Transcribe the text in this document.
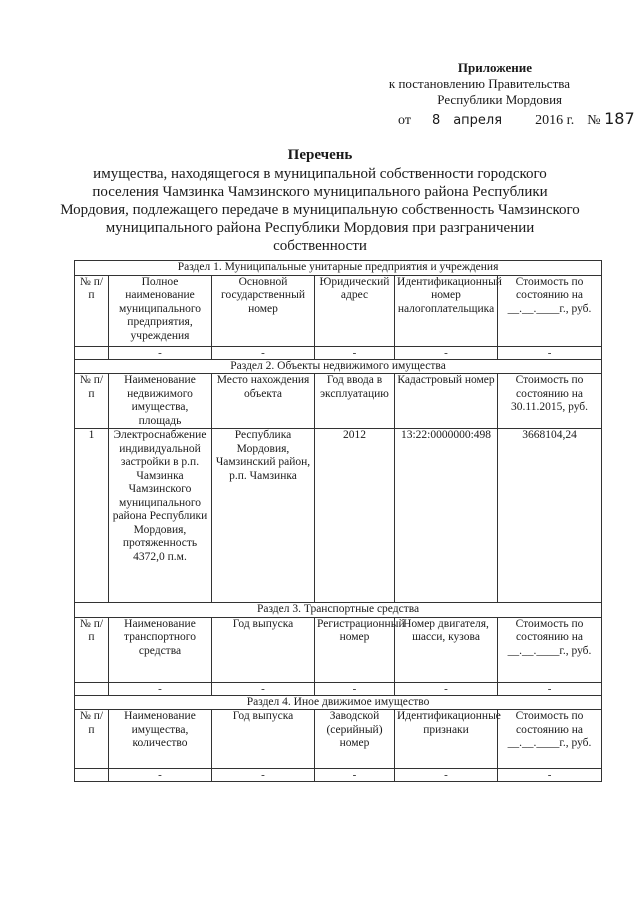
Приложение
к постановлению Правительства
Республики Мордовия
от 8 апреля 2016 г. № 187
Перечень
имущества, находящегося в муниципальной собственности городского поселения Чамзинка Чамзинского муниципального района Республики Мордовия, подлежащего передаче в муниципальную собственность Чамзинского муниципального района Республики Мордовия при разграничении собственности
Раздел 1. Муниципальные унитарные предприятия и учреждения					
№ п/п	Полное наименование муниципального предприятия, учреждения	Основной государственный номер	Юридический адрес	Идентификационный номер налогоплательщика	Стоимость по состоянию на __.__.____г., руб.
	-	-	-	-	-
Раздел 2. Объекты недвижимого имущества					
№ п/п	Наименование недвижимого имущества, площадь	Место нахождения объекта	Год ввода в эксплуатацию	Кадастровый номер	Стоимость по состоянию на 30.11.2015, руб.
1	Электроснабжение индивидуальной застройки в р.п. Чамзинка Чамзинского муниципального района Республики Мордовия, протяженность 4372,0 п.м.	Республика Мордовия, Чамзинский район, р.п. Чамзинка	2012	13:22:0000000:498	3668104,24
Раздел 3. Транспортные средства					
№ п/п	Наименование транспортного средства	Год выпуска	Регистрационный номер	Номер двигателя, шасси, кузова	Стоимость по состоянию на __.__.____г., руб.
	-	-	-	-	-
Раздел 4. Иное движимое имущество					
№ п/п	Наименование имущества, количество	Год выпуска	Заводской (серийный) номер	Идентификационные признаки	Стоимость по состоянию на __.__.____г., руб.
	-	-	-	-	-
